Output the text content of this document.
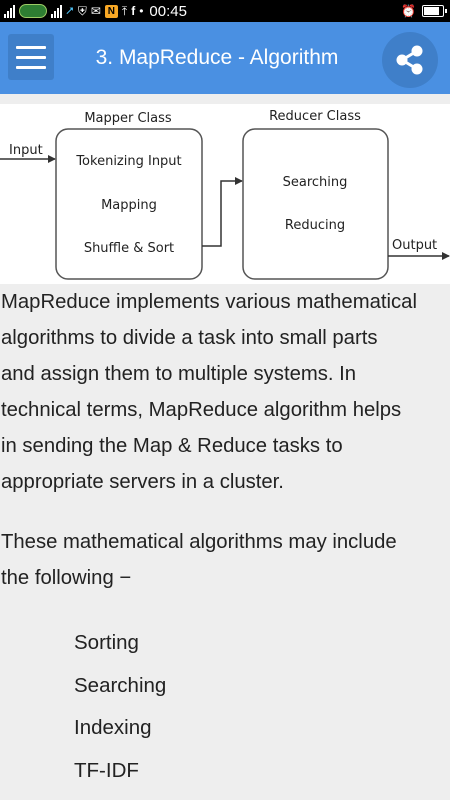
⭧ ⛨ ✉ N ⤒ f • 00:45	⏰
3. MapReduce - Algorithm
Input
Mapper Class
Tokenizing Input
Mapping
Shuffle & Sort
Reducer Class
Searching
Reducing
Output
MapReduce implements various mathematical
algorithms to divide a task into small parts
and assign them to multiple systems. In
technical terms, MapReduce algorithm helps
in sending the Map & Reduce tasks to
appropriate servers in a cluster.
These mathematical algorithms may include
the following −
Sorting
Searching
Indexing
TF-IDF
